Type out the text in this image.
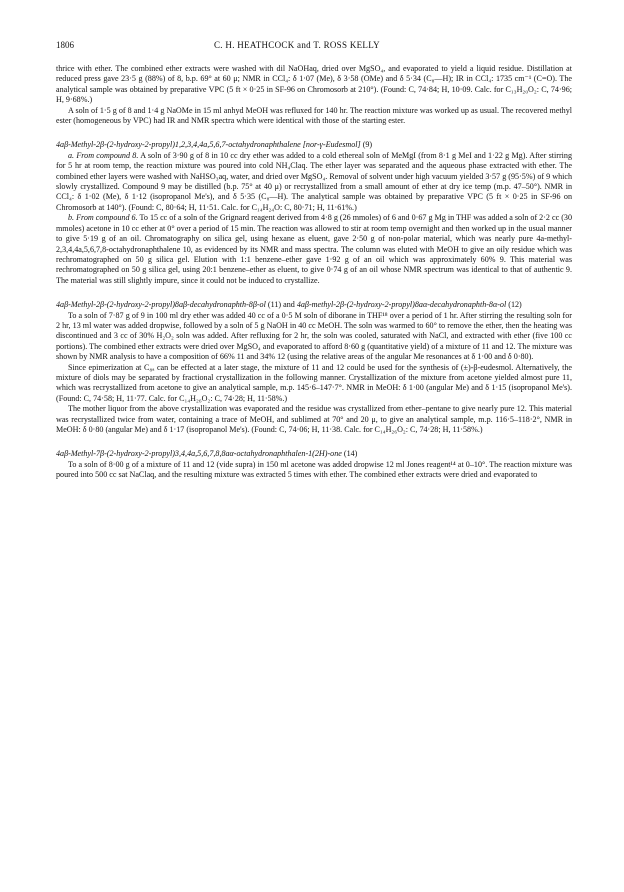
1806	C. H. HEATHCOCK and T. ROSS KELLY

thrice with ether. The combined ether extracts were washed with dil NaOHaq, dried over MgSO₄, and evaporated to yield a liquid residue. Distillation at reduced press gave 23·5 g (88%) of 8, b.p. 69° at 60 μ; NMR in CCl₄: δ 1·07 (Me), δ 3·58 (OMe) and δ 5·34 (C₈—H); IR in CCl₄: 1735 cm⁻¹ (C=O). The analytical sample was obtained by preparative VPC (5 ft × 0·25 in SF-96 on Chromosorb at 210°). (Found: C, 74·84; H, 10·09. Calc. for C₁₃H₂₀O₂: C, 74·96; H, 9·68%.)

A soln of 1·5 g of 8 and 1·4 g NaOMe in 15 ml anhyd MeOH was refluxed for 140 hr. The reaction mixture was worked up as usual. The recovered methyl ester (homogeneous by VPC) had IR and NMR spectra which were identical with those of the starting ester.

4aβ-Methyl-2β-(2-hydroxy-2-propyl)1,2,3,4,4a,5,6,7-octahydronaphthalene [nor-γ-Eudesmol] (9)

a. From compound 8. A soln of 3·90 g of 8 in 10 cc dry ether was added to a cold ethereal soln of MeMgI (from 8·1 g MeI and 1·22 g Mg). After stirring for 5 hr at room temp, the reaction mixture was poured into cold NH₄Claq. The ether layer was separated and the aqueous phase extracted with ether. The combined ether layers were washed with NaHSO₃aq, water, and dried over MgSO₄. Removal of solvent under high vacuum yielded 3·57 g (95·5%) of 9 which slowly crystallized. Compound 9 may be distilled (b.p. 75° at 40 μ) or recrystallized from a small amount of ether at dry ice temp (m.p. 47–50°). NMR in CCl₄: δ 1·02 (Me), δ 1·12 (isopropanol Me's), and δ 5·35 (C₈—H). The analytical sample was obtained by preparative VPC (5 ft × 0·25 in SF-96 on Chromosorb at 140°). (Found: C, 80·64; H, 11·51. Calc. for C₁₄H₂₄O: C, 80·71; H, 11·61%.)

b. From compound 6. To 15 cc of a soln of the Grignard reagent derived from 4·8 g (26 mmoles) of 6 and 0·67 g Mg in THF was added a soln of 2·2 cc (30 mmoles) acetone in 10 cc ether at 0° over a period of 15 min. The reaction was allowed to stir at room temp overnight and then worked up in the usual manner to give 5·19 g of an oil. Chromatography on silica gel, using hexane as eluent, gave 2·50 g of non-polar material, which was nearly pure 4a-methyl-2,3,4,4a,5,6,7,8-octahydronaphthalene 10, as evidenced by its NMR and mass spectra. The column was eluted with MeOH to give an oily residue which was rechromatographed on 50 g silica gel. Elution with 1:1 benzene–ether gave 1·92 g of an oil which was approximately 60% 9. This material was rechromatographed on 50 g silica gel, using 20:1 benzene–ether as eluent, to give 0·74 g of an oil whose NMR spectrum was identical to that of authentic 9. The material was still slightly impure, since it could not be induced to crystallize.

4aβ-Methyl-2β-(2-hydroxy-2-propyl)8aβ-decahydronaphth-8β-ol (11) and 4aβ-methyl-2β-(2-hydroxy-2-propyl)8aα-decahydronaphth-8α-ol (12)

To a soln of 7·87 g of 9 in 100 ml dry ether was added 40 cc of a 0·5 M soln of diborane in THF¹⁸ over a period of 1 hr. After stirring the resulting soln for 2 hr, 13 ml water was added dropwise, followed by a soln of 5 g NaOH in 40 cc MeOH. The soln was warmed to 60° to remove the ether, then the heating was discontinued and 3 cc of 30% H₂O₂ soln was added. After refluxing for 2 hr, the soln was cooled, saturated with NaCl, and extracted with ether (five 100 cc portions). The combined ether extracts were dried over MgSO₄ and evaporated to afford 8·60 g (quantitative yield) of a mixture of 11 and 12. The mixture was shown by NMR analysis to have a composition of 66% 11 and 34% 12 (using the relative areas of the angular Me resonances at δ 1·00 and δ 0·80).

Since epimerization at C₈ₐ can be effected at a later stage, the mixture of 11 and 12 could be used for the synthesis of (±)-β-eudesmol. Alternatively, the mixture of diols may be separated by fractional crystallization in the following manner. Crystallization of the mixture from acetone yielded almost pure 11, which was recrystallized from acetone to give an analytical sample, m.p. 145·6–147·7°. NMR in MeOH: δ 1·00 (angular Me) and δ 1·15 (isopropanol Me's). (Found: C, 74·58; H, 11·77. Calc. for C₁₄H₂₆O₂: C, 74·28; H, 11·58%.)

The mother liquor from the above crystallization was evaporated and the residue was crystallized from ether–pentane to give nearly pure 12. This material was recrystallized twice from water, containing a trace of MeOH, and sublimed at 70° and 20 μ, to give an analytical sample, m.p. 116·5–118·2°, NMR in MeOH: δ 0·80 (angular Me) and δ 1·17 (isopropanol Me's). (Found: C, 74·06; H, 11·38. Calc. for C₁₄H₂₆O₂: C, 74·28; H, 11·58%.)

4aβ-Methyl-7β-(2-hydroxy-2-propyl)3,4,4a,5,6,7,8,8aα-octahydronaphthalen-1(2H)-one (14)

To a soln of 8·00 g of a mixture of 11 and 12 (vide supra) in 150 ml acetone was added dropwise 12 ml Jones reagent¹⁴ at 0–10°. The reaction mixture was poured into 500 cc sat NaClaq, and the resulting mixture was extracted 5 times with ether. The combined ether extracts were dried and evaporated to
